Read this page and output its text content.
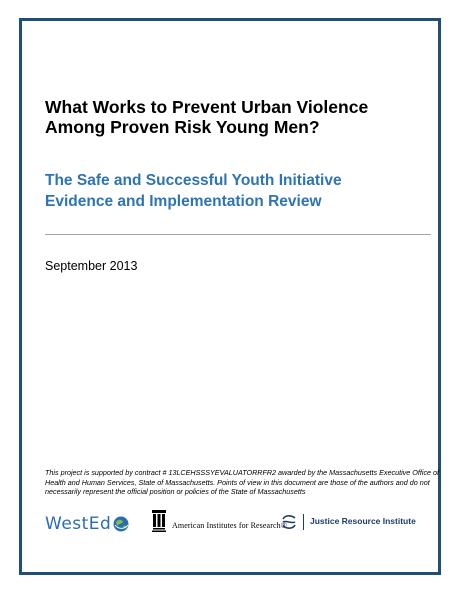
What Works to Prevent Urban Violence
Among Proven Risk Young Men?
The Safe and Successful Youth Initiative
Evidence and Implementation Review
September 2013
This project is supported by contract # 13LCEHSSSYEVALUATORRFR2 awarded by the Massachusetts Executive Office of
Health and Human Services, State of Massachusetts. Points of view in this document are those of the authors and do not
necessarily represent the official position or policies of the State of Massachusetts
WestEd	American Institutes for Research®	Justice Resource Institute
